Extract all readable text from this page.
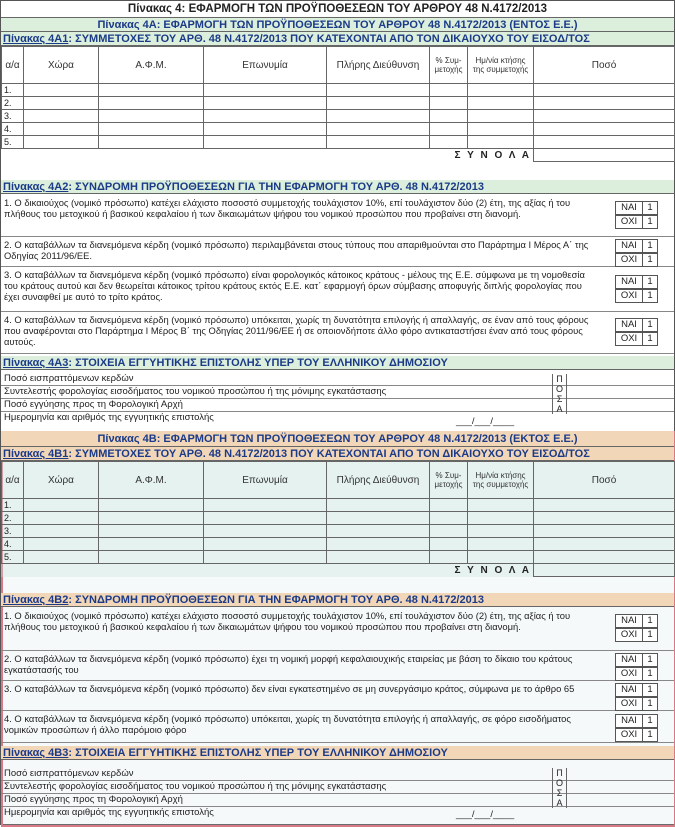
Πίνακας 4: ΕΦΑΡΜΟΓΗ ΤΩΝ ΠΡΟΫΠΟΘΕΣΕΩΝ ΤΟΥ ΑΡΘΡΟΥ 48 Ν.4172/2013
Πίνακας 4Α: ΕΦΑΡΜΟΓΗ ΤΩΝ ΠΡΟΫΠΟΘΕΣΕΩΝ ΤΟΥ ΑΡΘΡΟΥ 48 Ν.4172/2013 (ΕΝΤΟΣ Ε.Ε.)
Πίνακας 4Α1: ΣΥΜΜΕΤΟΧΕΣ ΤΟΥ ΑΡΘ. 48 Ν.4172/2013 ΠΟΥ ΚΑΤΕΧΟΝΤΑΙ ΑΠΟ ΤΟΝ ΔΙΚΑΙΟΥΧΟ ΤΟΥ ΕΙΣΟΔ/ΤΟΣ
α/α	Χώρα	Α.Φ.Μ.	Επωνυμία	Πλήρης Διεύθυνση	% Συμ- μετοχής	Ημ/νία κτήσης της συμμετοχής	Ποσό
1.							
2.							
3.							
4.							
5.							
Σ Υ Ν Ο Λ Α							
Πίνακας 4Α2: ΣΥΝΔΡΟΜΗ ΠΡΟΫΠΟΘΕΣΕΩΝ ΓΙΑ ΤΗΝ ΕΦΑΡΜΟΓΗ ΤΟΥ ΑΡΘ. 48 Ν.4172/2013
1. Ο δικαιούχος (νομικό πρόσωπο) κατέχει ελάχιστο ποσοστό συμμετοχής τουλάχιστον 10%, επί τουλάχιστον δύο (2) έτη, της αξίας ή του πλήθους του μετοχικού ή βασικού κεφαλαίου ή των δικαιωμάτων ψήφου του νομικού προσώπου που προβαίνει στη διανομή.
ΝΑΙ	1
ΟΧΙ	1
2. Ο καταβάλλων τα διανεμόμενα κέρδη (νομικό πρόσωπο) περιλαμβάνεται στους τύπους που απαριθμούνται στο Παράρτημα Ι Μέρος Α΄ της Οδηγίας 2011/96/ΕΕ.
ΝΑΙ	1
ΟΧΙ	1
3. Ο καταβάλλων τα διανεμόμενα κέρδη (νομικό πρόσωπο) είναι φορολογικός κάτοικος κράτους - μέλους της Ε.Ε. σύμφωνα με τη νομοθεσία του κράτους αυτού και δεν θεωρείται κάτοικος τρίτου κράτους εκτός Ε.Ε. κατ΄ εφαρμογή όρων σύμβασης αποφυγής διπλής φορολογίας που έχει συναφθεί με αυτό το τρίτο κράτος.
ΝΑΙ	1
ΟΧΙ	1
4. Ο καταβάλλων τα διανεμόμενα κέρδη (νομικό πρόσωπο) υπόκειται, χωρίς τη δυνατότητα επιλογής ή απαλλαγής, σε έναν από τους φόρους που αναφέρονται στο Παράρτημα Ι Μέρος Β΄ της Οδηγίας 2011/96/ΕΕ ή σε οποιονδήποτε άλλο φόρο αντικαταστήσει έναν από τους φόρους αυτούς.
ΝΑΙ	1
ΟΧΙ	1
Πίνακας 4Α3: ΣΤΟΙΧΕΙΑ ΕΓΓΥΗΤΙΚΗΣ ΕΠΙΣΤΟΛΗΣ ΥΠΕΡ ΤΟΥ ΕΛΛΗΝΙΚΟΥ ΔΗΜΟΣΙΟΥ
Ποσό εισπραττόμενων κερδών
Συντελεστής φορολογίας εισοδήματος του νομικού προσώπου ή της μόνιμης εγκατάστασης
Ποσό εγγύησης προς τη Φορολογική Αρχή
Ημερομηνία και αριθμός της εγγυητικής επιστολής	___/___/____
Π
Ο
Σ
Α
Πίνακας 4Β: ΕΦΑΡΜΟΓΗ ΤΩΝ ΠΡΟΫΠΟΘΕΣΕΩΝ ΤΟΥ ΑΡΘΡΟΥ 48 Ν.4172/2013 (ΕΚΤΟΣ Ε.Ε.)
Πίνακας 4Β1: ΣΥΜΜΕΤΟΧΕΣ ΤΟΥ ΑΡΘ. 48 Ν.4172/2013 ΠΟΥ ΚΑΤΕΧΟΝΤΑΙ ΑΠΟ ΤΟΝ ΔΙΚΑΙΟΥΧΟ ΤΟΥ ΕΙΣΟΔ/ΤΟΣ
α/α	Χώρα	Α.Φ.Μ.	Επωνυμία	Πλήρης Διεύθυνση	% Συμ- μετοχής	Ημ/νία κτήσης της συμμετοχής	Ποσό
1.							
2.							
3.							
4.							
5.							
Σ Υ Ν Ο Λ Α							
Πίνακας 4Β2: ΣΥΝΔΡΟΜΗ ΠΡΟΫΠΟΘΕΣΕΩΝ ΓΙΑ ΤΗΝ ΕΦΑΡΜΟΓΗ ΤΟΥ ΑΡΘ. 48 Ν.4172/2013
1. Ο δικαιούχος (νομικό πρόσωπο) κατέχει ελάχιστο ποσοστό συμμετοχής τουλάχιστον 10%, επί τουλάχιστον δύο (2) έτη, της αξίας ή του πλήθους του μετοχικού ή βασικού κεφαλαίου ή των δικαιωμάτων ψήφου του νομικού προσώπου που προβαίνει στη διανομή.
ΝΑΙ	1
ΟΧΙ	1
2. Ο καταβάλλων τα διανεμόμενα κέρδη (νομικό πρόσωπο) έχει τη νομική μορφή κεφαλαιουχικής εταιρείας με βάση το δίκαιο του κράτους εγκατάστασής του
ΝΑΙ	1
ΟΧΙ	1
3. Ο καταβάλλων τα διανεμόμενα κέρδη (νομικό πρόσωπο) δεν είναι εγκατεστημένο σε μη συνεργάσιμο κράτος, σύμφωνα με το άρθρο 65	ΝΑΙ	1
ΟΧΙ	1
4. Ο καταβάλλων τα διανεμόμενα κέρδη (νομικό πρόσωπο) υπόκειται, χωρίς τη δυνατότητα επιλογής ή απαλλαγής, σε φόρο εισοδήματος νομικών προσώπων ή άλλο παρόμοιο φόρο
ΝΑΙ	1
ΟΧΙ	1
Πίνακας 4Β3: ΣΤΟΙΧΕΙΑ ΕΓΓΥΗΤΙΚΗΣ ΕΠΙΣΤΟΛΗΣ ΥΠΕΡ ΤΟΥ ΕΛΛΗΝΙΚΟΥ ΔΗΜΟΣΙΟΥ
Ποσό εισπραττόμενων κερδών
Συντελεστής φορολογίας εισοδήματος του νομικού προσώπου ή της μόνιμης εγκατάστασης
Ποσό εγγύησης προς τη Φορολογική Αρχή
Ημερομηνία και αριθμός της εγγυητικής επιστολής	___/___/____
Π
Ο
Σ
Α
